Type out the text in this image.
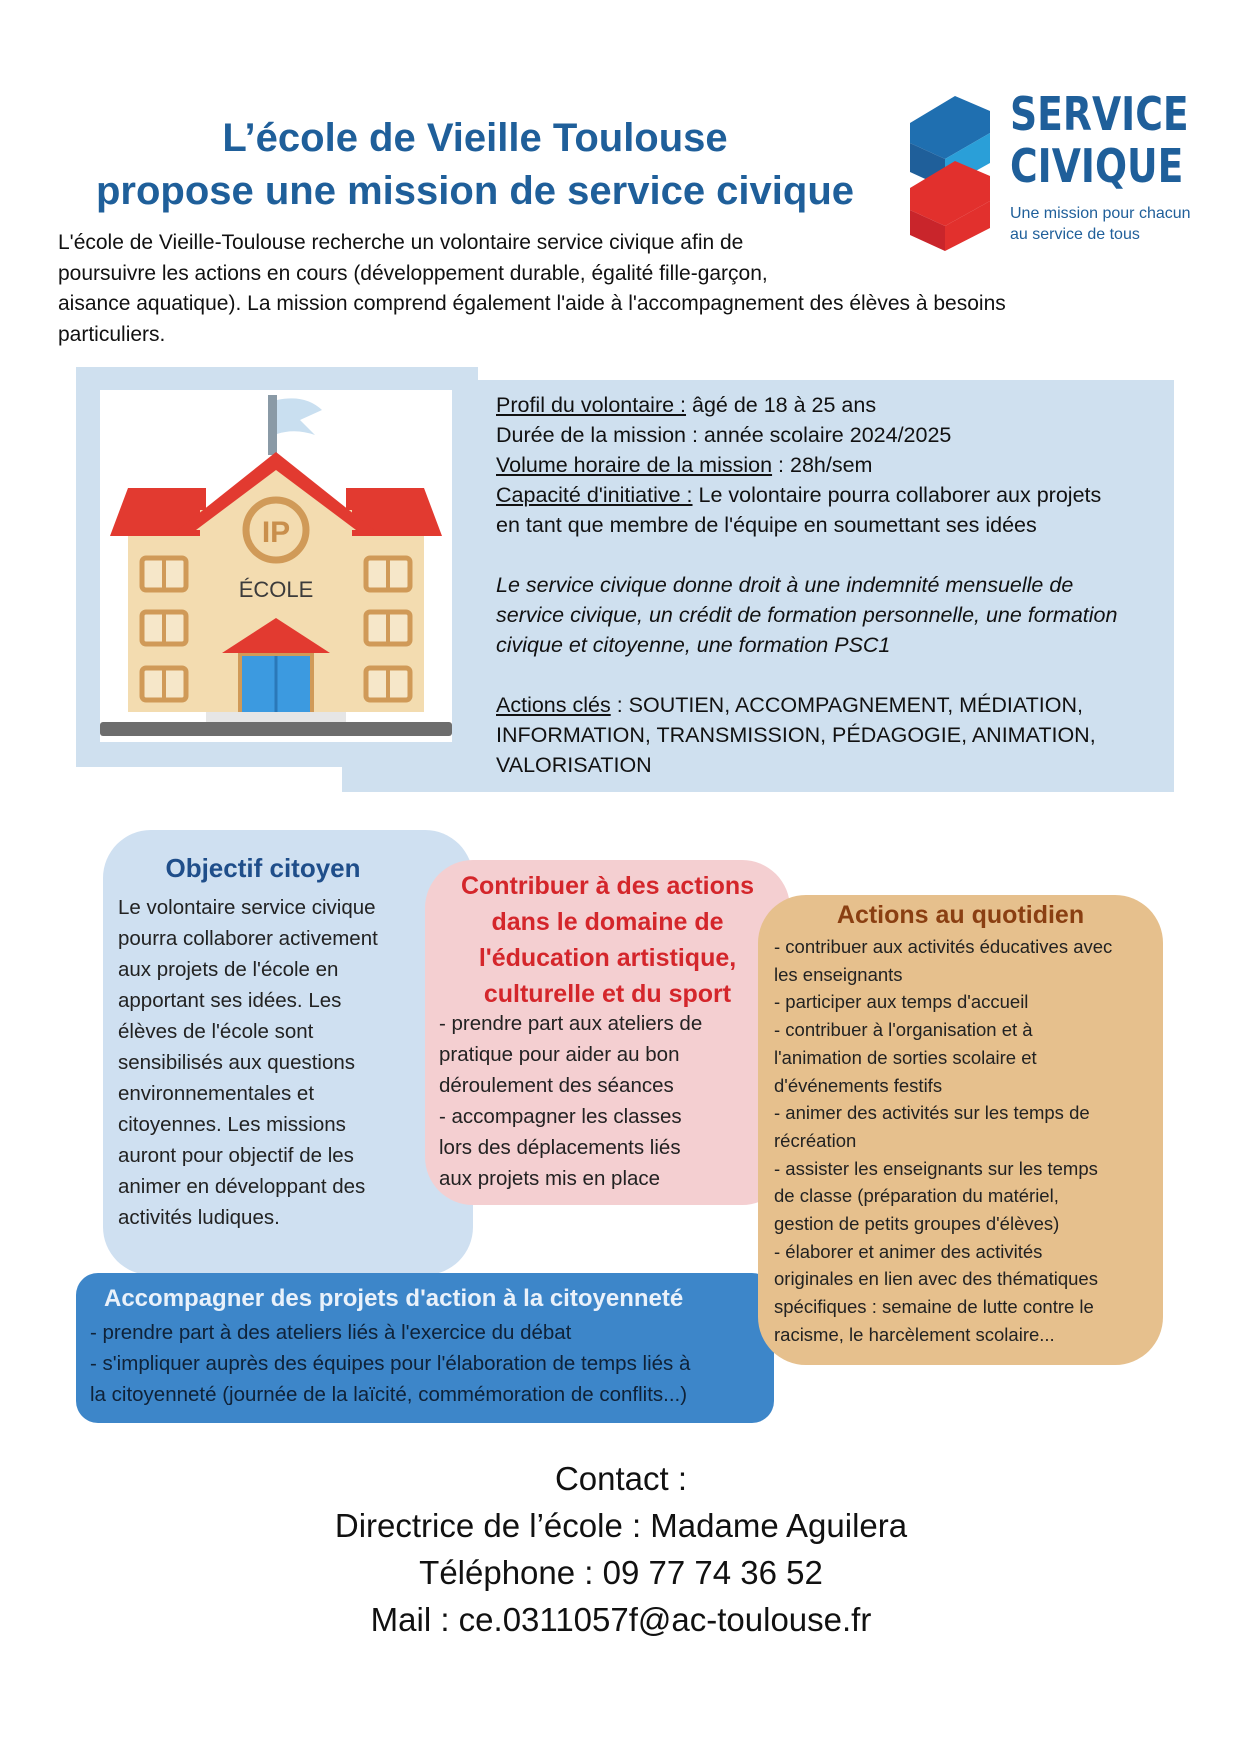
L’école de Vieille Toulouse
propose une mission de service civique
SERVICE
CIVIQUE
Une mission pour chacun
au service de tous
L'école de Vieille-Toulouse recherche un volontaire service civique afin de
poursuivre les actions en cours (développement durable, égalité fille-garçon,
aisance aquatique). La mission comprend également l'aide à l'accompagnement des élèves à besoins
particuliers.
IP
ÉCOLE

Profil du volontaire : âgé de 18 à 25 ans

Durée de la mission : année scolaire 2024/2025

Volume horaire de la mission : 28h/sem

Capacité d'initiative : Le volontaire pourra collaborer aux projets

en tant que membre de l'équipe en soumettant ses idées

Le service civique donne droit à une indemnité mensuelle de

service civique, un crédit de formation personnelle, une formation

civique et citoyenne, une formation PSC1

Actions clés : SOUTIEN, ACCOMPAGNEMENT, MÉDIATION,

INFORMATION, TRANSMISSION, PÉDAGOGIE, ANIMATION,

VALORISATION

Objectif citoyen
Le volontaire service civique
pourra collaborer activement
aux projets de l'école en
apportant ses idées. Les
élèves de l'école sont
sensibilisés aux questions
environnementales et
citoyennes. Les missions
auront pour objectif de les
animer en développant des
activités ludiques.
Contribuer à des actions
dans le domaine de
l'éducation artistique,
culturelle et du sport
- prendre part aux ateliers de
pratique pour aider au bon
déroulement des séances
- accompagner les classes
lors des déplacements liés
aux projets mis en place
Accompagner des projets d'action à la citoyenneté
- prendre part à des ateliers liés à l'exercice du débat
- s'impliquer auprès des équipes pour l'élaboration de temps liés à
la citoyenneté (journée de la laïcité, commémoration de conflits...)
Actions au quotidien
- contribuer aux activités éducatives avec
les enseignants
- participer aux temps d'accueil
- contribuer à l'organisation et à
l'animation de sorties scolaire et
d'événements festifs
- animer des activités sur les temps de
récréation
- assister les enseignants sur les temps
de classe (préparation du matériel,
gestion de petits groupes d'élèves)
- élaborer et animer des activités
originales en lien avec des thématiques
spécifiques : semaine de lutte contre le
racisme, le harcèlement scolaire...
Contact :
Directrice de l’école : Madame Aguilera
Téléphone : 09 77 74 36 52
Mail : ce.0311057f@ac-toulouse.fr
